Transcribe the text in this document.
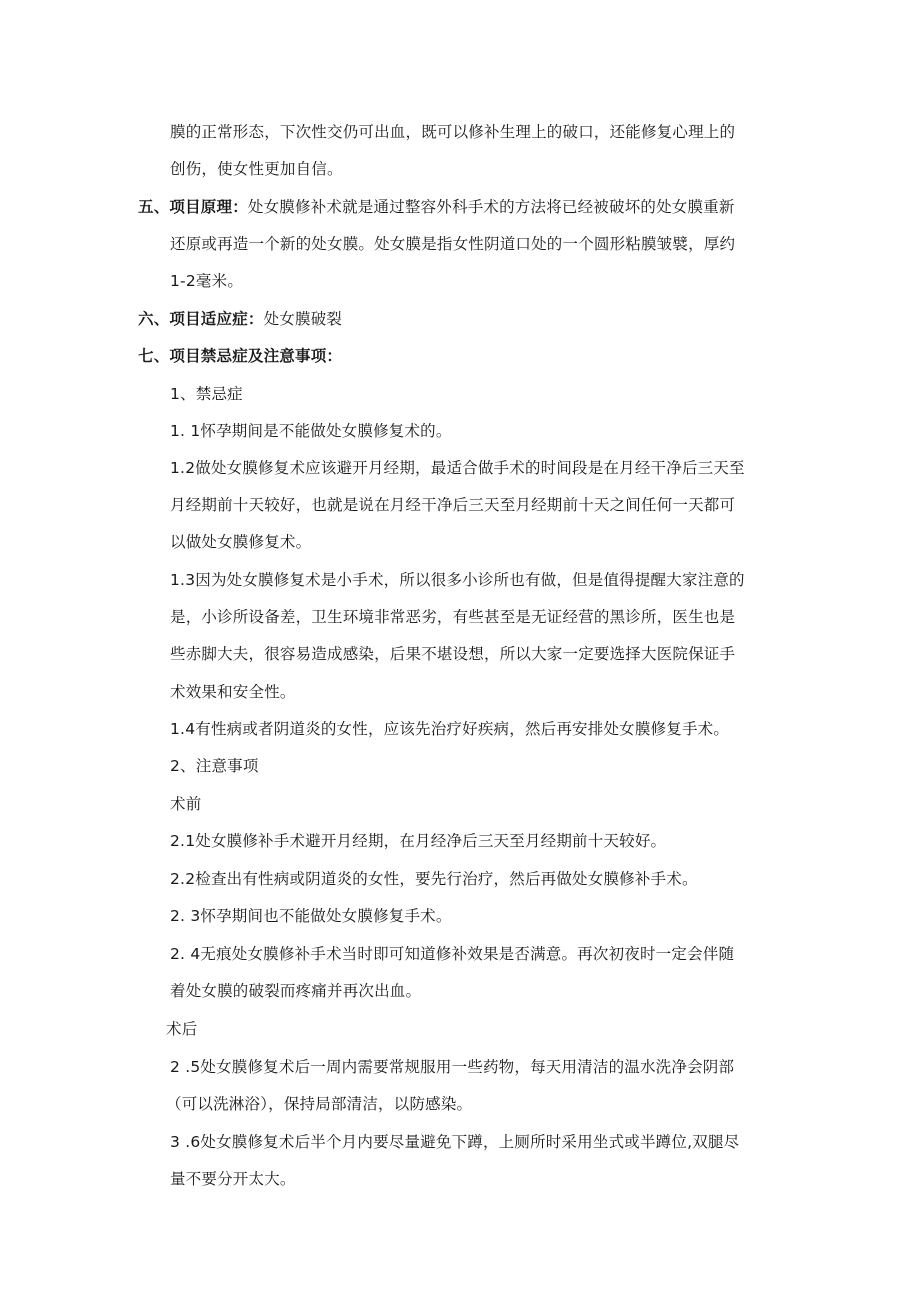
膜的正常形态，下次性交仍可出血，既可以修补生理上的破口，还能修复心理上的
创伤，使女性更加自信。
五、项目原理：处女膜修补术就是通过整容外科手术的方法将已经被破坏的处女膜重新
还原或再造一个新的处女膜。处女膜是指女性阴道口处的一个圆形粘膜皱襞，厚约
1-2毫米。
六、项目适应症：处女膜破裂
七、项目禁忌症及注意事项：
1、禁忌症
1. 1怀孕期间是不能做处女膜修复术的。
1.2做处女膜修复术应该避开月经期，最适合做手术的时间段是在月经干净后三天至
月经期前十天较好，也就是说在月经干净后三天至月经期前十天之间任何一天都可
以做处女膜修复术。
1.3因为处女膜修复术是小手术，所以很多小诊所也有做，但是值得提醒大家注意的
是，小诊所设备差，卫生环境非常恶劣，有些甚至是无证经营的黑诊所，医生也是
些赤脚大夫，很容易造成感染，后果不堪设想，所以大家一定要选择大医院保证手
术效果和安全性。
1.4有性病或者阴道炎的女性，应该先治疗好疾病，然后再安排处女膜修复手术。
2、注意事项
术前
2.1处女膜修补手术避开月经期，在月经净后三天至月经期前十天较好。
2.2检查出有性病或阴道炎的女性，要先行治疗，然后再做处女膜修补手术。
2. 3怀孕期间也不能做处女膜修复手术。
2. 4无痕处女膜修补手术当时即可知道修补效果是否满意。再次初夜时一定会伴随
着处女膜的破裂而疼痛并再次出血。
术后
2 .5处女膜修复术后一周内需要常规服用一些药物，每天用清洁的温水洗净会阴部
（可以洗淋浴），保持局部清洁，以防感染。
3 .6处女膜修复术后半个月内要尽量避免下蹲，上厕所时采用坐式或半蹲位,双腿尽
量不要分开太大。
